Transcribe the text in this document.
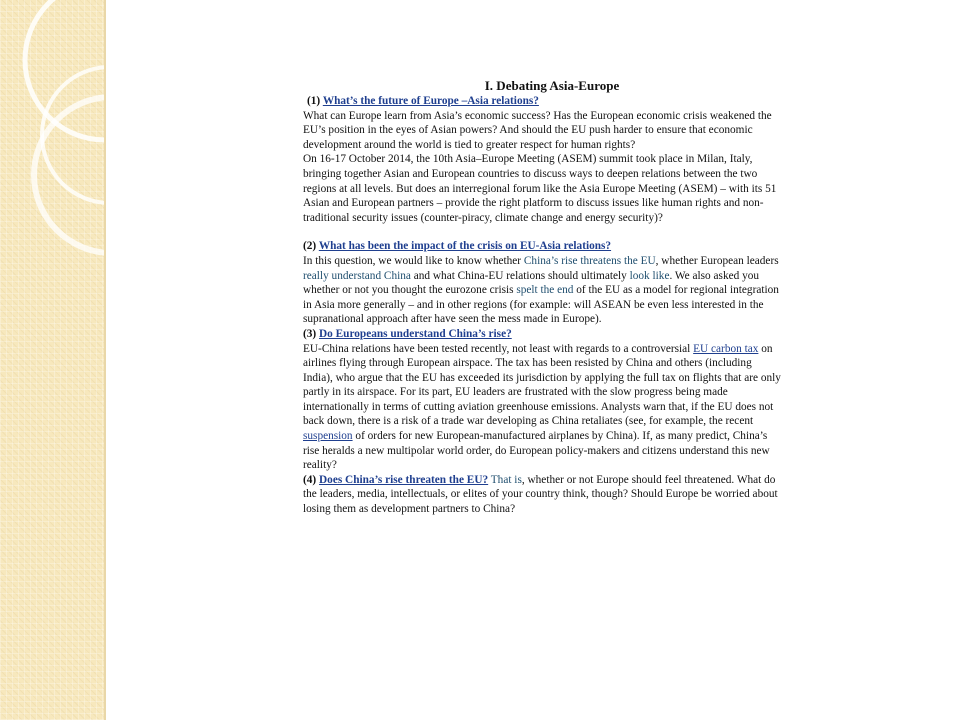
I. Debating Asia-Europe

(1) What’s the future of Europe –Asia relations?

What can Europe learn from Asia’s economic success? Has the European economic crisis weakened the EU’s position in the eyes of Asian powers? And should the EU push harder to ensure that economic development around the world is tied to greater respect for human rights?

On 16-17 October 2014, the 10th Asia–Europe Meeting (ASEM) summit took place in Milan, Italy, bringing together Asian and European countries to discuss ways to deepen relations between the two regions at all levels. But does an interregional forum like the Asia Europe Meeting (ASEM) – with its 51 Asian and European partners – provide the right platform to discuss issues like human rights and non-traditional security issues (counter-piracy, climate change and energy security)?

(2) What has been the impact of the crisis on EU-Asia relations?

In this question, we would like to know whether China’s rise threatens the EU, whether European leaders really understand China and what China-EU relations should ultimately look like. We also asked you whether or not you thought the eurozone crisis spelt the end of the EU as a model for regional integration in Asia more generally – and in other regions (for example: will ASEAN be even less interested in the supranational approach after have seen the mess made in Europe).

(3) Do Europeans understand China’s rise?

EU-China relations have been tested recently, not least with regards to a controversial EU carbon tax on airlines flying through European airspace. The tax has been resisted by China and others (including India), who argue that the EU has exceeded its jurisdiction by applying the full tax on flights that are only partly in its airspace. For its part, EU leaders are frustrated with the slow progress being made internationally in terms of cutting aviation greenhouse emissions. Analysts warn that, if the EU does not back down, there is a risk of a trade war developing as China retaliates (see, for example, the recent suspension of orders for new European-manufactured airplanes by China). If, as many predict, China’s rise heralds a new multipolar world order, do European policy-makers and citizens understand this new reality?

(4) Does China’s rise threaten the EU? That is, whether or not Europe should feel threatened. What do the leaders, media, intellectuals, or elites of your country think, though? Should Europe be worried about losing them as development partners to China?
